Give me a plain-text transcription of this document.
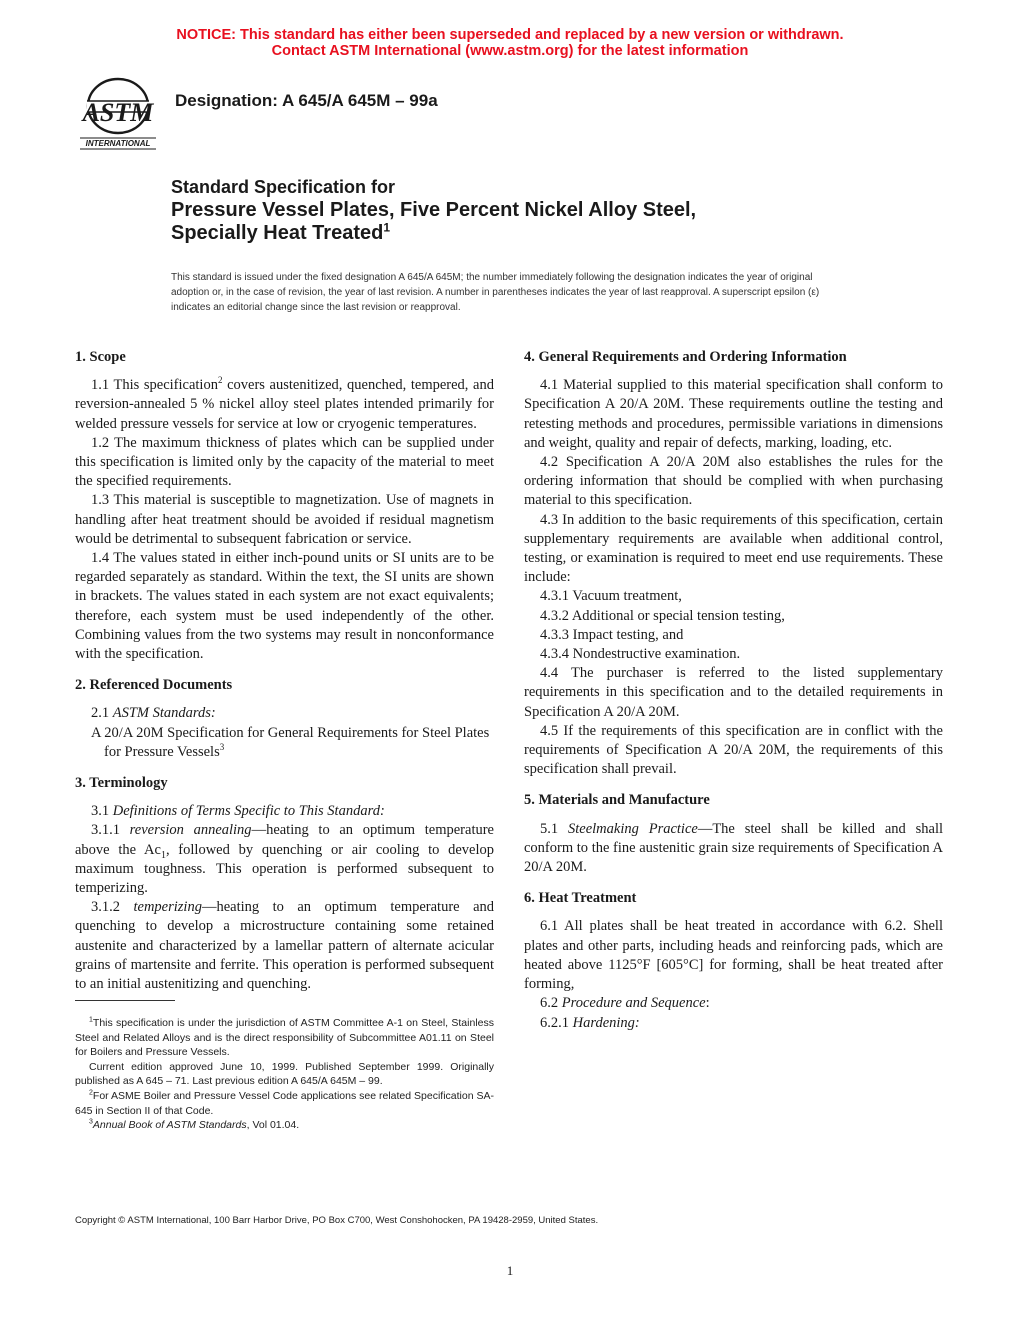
NOTICE: This standard has either been superseded and replaced by a new version or withdrawn.
Contact ASTM International (www.astm.org) for the latest information
ASTM
INTERNATIONAL
Designation: A 645/A 645M – 99a
Standard Specification for
Pressure Vessel Plates, Five Percent Nickel Alloy Steel,
Specially Heat Treated$^1$
This standard is issued under the fixed designation A 645/A 645M; the number immediately following the designation indicates the year of original adoption or, in the case of revision, the year of last revision. A number in parentheses indicates the year of last reapproval. A superscript epsilon (ε) indicates an editorial change since the last revision or reapproval.
1. Scope

1.1 This specification$^2$ covers austenitized, quenched, tempered, and reversion-annealed 5 % nickel alloy steel plates intended primarily for welded pressure vessels for service at low or cryogenic temperatures.

1.2 The maximum thickness of plates which can be supplied under this specification is limited only by the capacity of the material to meet the specified requirements.

1.3 This material is susceptible to magnetization. Use of magnets in handling after heat treatment should be avoided if residual magnetism would be detrimental to subsequent fabrication or service.

1.4 The values stated in either inch-pound units or SI units are to be regarded separately as standard. Within the text, the SI units are shown in brackets. The values stated in each system are not exact equivalents; therefore, each system must be used independently of the other. Combining values from the two systems may result in nonconformance with the specification.

2. Referenced Documents

2.1 ASTM Standards:

A 20/A 20M Specification for General Requirements for Steel Plates for Pressure Vessels$^3$

3. Terminology

3.1 Definitions of Terms Specific to This Standard:

3.1.1 reversion annealing—heating to an optimum temperature above the $Ac_1$, followed by quenching or air cooling to develop maximum toughness. This operation is performed subsequent to temperizing.

3.1.2 temperizing—heating to an optimum temperature and quenching to develop a microstructure containing some retained austenite and characterized by a lamellar pattern of alternate acicular grains of martensite and ferrite. This operation is performed subsequent to an initial austenitizing and quenching.

$^1$This specification is under the jurisdiction of ASTM Committee A-1 on Steel, Stainless Steel and Related Alloys and is the direct responsibility of Subcommittee A01.11 on Steel for Boilers and Pressure Vessels.

Current edition approved June 10, 1999. Published September 1999. Originally published as A 645 – 71. Last previous edition A 645/A 645M – 99.

$^2$For ASME Boiler and Pressure Vessel Code applications see related Specification SA-645 in Section II of that Code.

$^3$Annual Book of ASTM Standards, Vol 01.04.

4. General Requirements and Ordering Information

4.1 Material supplied to this material specification shall conform to Specification A 20/A 20M. These requirements outline the testing and retesting methods and procedures, permissible variations in dimensions and weight, quality and repair of defects, marking, loading, etc.

4.2 Specification A 20/A 20M also establishes the rules for the ordering information that should be complied with when purchasing material to this specification.

4.3 In addition to the basic requirements of this specification, certain supplementary requirements are available when additional control, testing, or examination is required to meet end use requirements. These include:

4.3.1 Vacuum treatment,

4.3.2 Additional or special tension testing,

4.3.3 Impact testing, and

4.3.4 Nondestructive examination.

4.4 The purchaser is referred to the listed supplementary requirements in this specification and to the detailed requirements in Specification A 20/A 20M.

4.5 If the requirements of this specification are in conflict with the requirements of Specification A 20/A 20M, the requirements of this specification shall prevail.

5. Materials and Manufacture

5.1 Steelmaking Practice—The steel shall be killed and shall conform to the fine austenitic grain size requirements of Specification A 20/A 20M.

6. Heat Treatment

6.1 All plates shall be heat treated in accordance with 6.2. Shell plates and other parts, including heads and reinforcing pads, which are heated above 1125°F [605°C] for forming, shall be heat treated after forming,

6.2 Procedure and Sequence:

6.2.1 Hardening:

Copyright © ASTM International, 100 Barr Harbor Drive, PO Box C700, West Conshohocken, PA 19428-2959, United States.
1
